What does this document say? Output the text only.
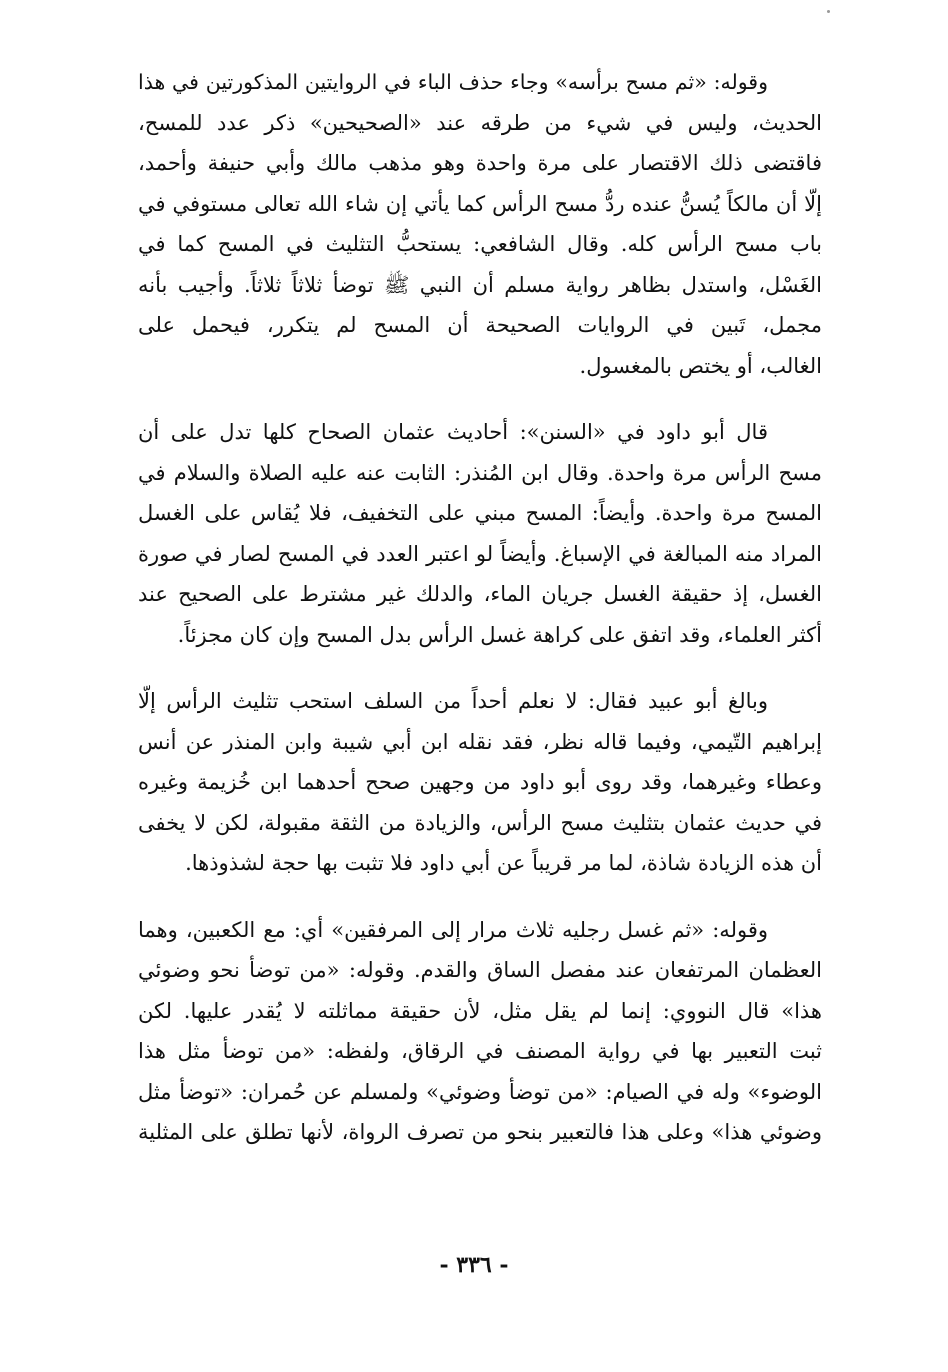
وقوله: «ثم مسح برأسه» وجاء حذف الباء في الروايتين المذكورتين في هذا
الحديث، وليس في شيء من طرقه عند «الصحيحين» ذكر عدد للمسح،
فاقتضى ذلك الاقتصار على مرة واحدة وهو مذهب مالك وأبي حنيفة وأحمد،
إلّا أن مالكاً يُسنُّ عنده ردُّ مسح الرأس كما يأتي إن شاء الله تعالى مستوفي في
باب مسح الرأس كله. وقال الشافعي: يستحبُّ التثليث في المسح كما في
الغَسْل، واستدل بظاهر رواية مسلم أن النبي ﷺ توضأ ثلاثاً ثلاثاً. وأجيب بأنه
مجمل، تَبين في الروايات الصحيحة أن المسح لم يتكرر، فيحمل على
الغالب، أو يختص بالمغسول.
قال أبو داود في «السنن»: أحاديث عثمان الصحاح كلها تدل على أن
مسح الرأس مرة واحدة. وقال ابن المُنذر: الثابت عنه عليه الصلاة والسلام في
المسح مرة واحدة. وأيضاً: المسح مبني على التخفيف، فلا يُقاس على الغسل
المراد منه المبالغة في الإسباغ. وأيضاً لو اعتبر العدد في المسح لصار في صورة
الغسل، إذ حقيقة الغسل جريان الماء، والدلك غير مشترط على الصحيح عند
أكثر العلماء، وقد اتفق على كراهة غسل الرأس بدل المسح وإن كان مجزئاً.
وبالغ أبو عبيد فقال: لا نعلم أحداً من السلف استحب تثليث الرأس إلّا
إبراهيم التّيمي، وفيما قاله نظر، فقد نقله ابن أبي شيبة وابن المنذر عن أنس
وعطاء وغيرهما، وقد روى أبو داود من وجهين صحح أحدهما ابن خُزيمة وغيره
في حديث عثمان بتثليث مسح الرأس، والزيادة من الثقة مقبولة، لكن لا يخفى
أن هذه الزيادة شاذة، لما مر قريباً عن أبي داود فلا تثبت بها حجة لشذوذها.
وقوله: «ثم غسل رجليه ثلاث مرار إلى المرفقين» أي: مع الكعبين، وهما
العظمان المرتفعان عند مفصل الساق والقدم. وقوله: «من توضأ نحو وضوئي
هذا» قال النووي: إنما لم يقل مثل، لأن حقيقة مماثلته لا يُقدر عليها. لكن
ثبت التعبير بها في رواية المصنف في الرقاق، ولفظه: «من توضأ مثل هذا
الوضوء» وله في الصيام: «من توضأ وضوئي» ولمسلم عن حُمران: «توضأ مثل
وضوئي هذا» وعلى هذا فالتعبير بنحو من تصرف الرواة، لأنها تطلق على المثلية
- ٣٣٦ -
